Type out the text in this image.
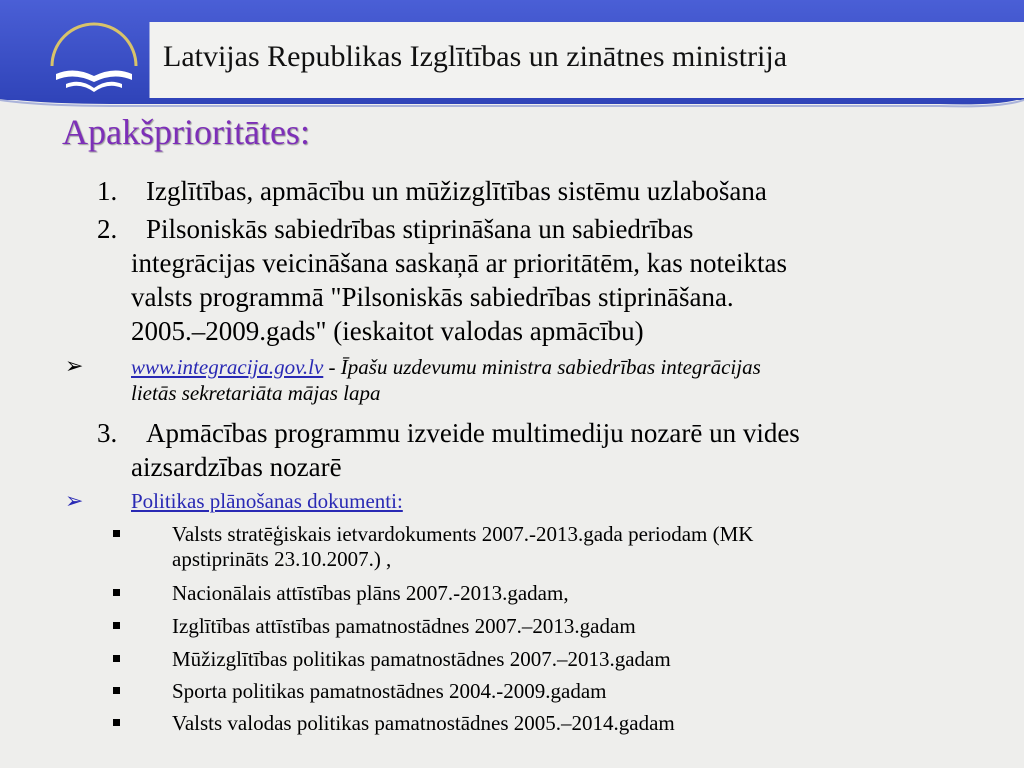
Latvijas Republikas Izglītības un zinātnes ministrija
Apakšprioritātes:
1. Izglītības, apmācību un mūžizglītības sistēmu uzlabošana
2. Pilsoniskās sabiedrības stiprināšana un sabiedrības
integrācijas veicināšana saskaņā ar prioritātēm, kas noteiktas
valsts programmā "Pilsoniskās sabiedrības stiprināšana.
2005.–2009.gads" (ieskaitot valodas apmācību)
➢ www.integracija.gov.lv - Īpašu uzdevumu ministra sabiedrības integrācijas
lietās sekretariāta mājas lapa
3. Apmācības programmu izveide multimediju nozarē un vides
aizsardzības nozarē
➢ Politikas plānošanas dokumenti:
Valsts stratēģiskais ietvardokuments 2007.-2013.gada periodam (MK
apstiprināts 23.10.2007.) ,
Nacionālais attīstības plāns 2007.-2013.gadam,
Izglītības attīstības pamatnostādnes 2007.–2013.gadam
Mūžizglītības politikas pamatnostādnes 2007.–2013.gadam
Sporta politikas pamatnostādnes 2004.-2009.gadam
Valsts valodas politikas pamatnostādnes 2005.–2014.gadam
